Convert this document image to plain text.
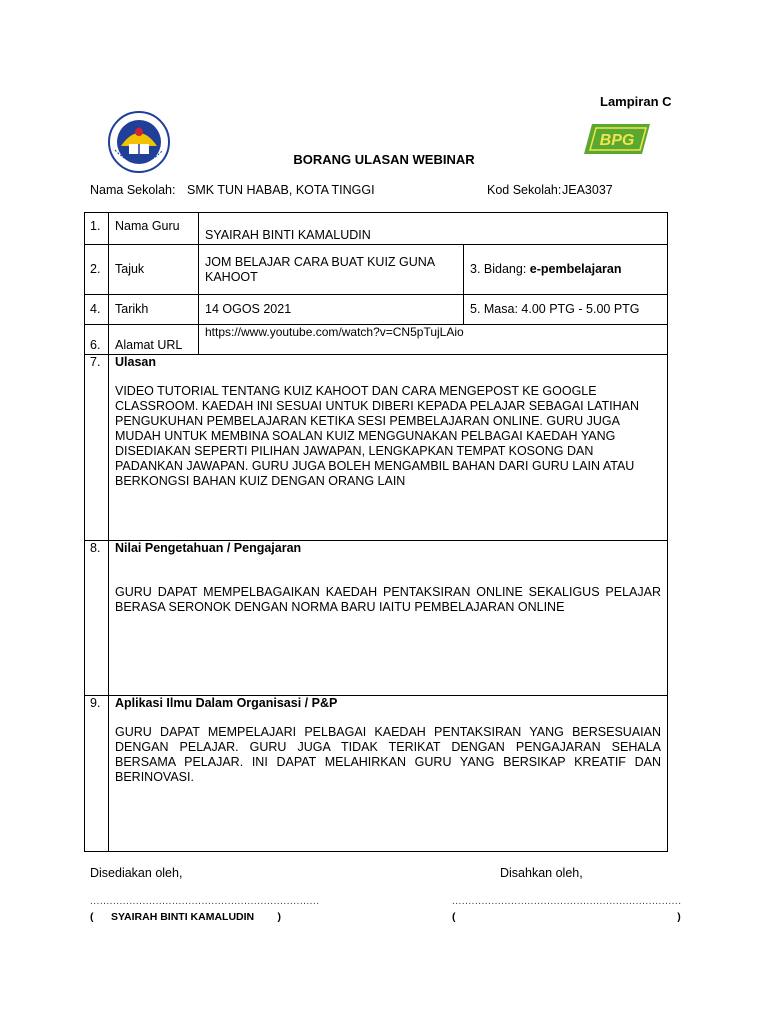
Lampiran C
BPG
BORANG ULASAN WEBINAR
Nama Sekolah: SMK TUN HABAB, KOTA TINGGI	Kod Sekolah: JEA3037
1.	Nama Guru	SYAIRAH BINTI KAMALUDIN	
2.	Tajuk	JOM BELAJAR CARA BUAT KUIZ GUNA KAHOOT	3. Bidang: e-pembelajaran
4.	Tarikh	14 OGOS 2021	5. Masa: 4.00 PTG - 5.00 PTG
6.	Alamat URL	https://www.youtube.com/watch?v=CN5pTujLAio	
7.	Ulasan
VIDEO TUTORIAL TENTANG KUIZ KAHOOT DAN CARA MENGEPOST KE GOOGLE CLASSROOM. KAEDAH INI SESUAI UNTUK DIBERI KEPADA PELAJAR SEBAGAI LATIHAN PENGUKUHAN PEMBELAJARAN KETIKA SESI PEMBELAJARAN ONLINE. GURU JUGA MUDAH UNTUK MEMBINA SOALAN KUIZ MENGGUNAKAN PELBAGAI KAEDAH YANG DISEDIAKAN SEPERTI PILIHAN JAWAPAN, LENGKAPKAN TEMPAT KOSONG DAN PADANKAN JAWAPAN. GURU JUGA BOLEH MENGAMBIL BAHAN DARI GURU LAIN ATAU BERKONGSI BAHAN KUIZ DENGAN ORANG LAIN		

8.	Nilai Pengetahuan / Pengajaran
GURU DAPAT MEMPELBAGAIKAN KAEDAH PENTAKSIRAN ONLINE SEKALIGUS PELAJAR BERASA SERONOK DENGAN NORMA BARU IAITU PEMBELAJARAN ONLINE		

9.	Aplikasi Ilmu Dalam Organisasi / P&P
GURU DAPAT MEMPELAJARI PELBAGAI KAEDAH PENTAKSIRAN YANG BERSESUAIAN DENGAN PELAJAR. GURU JUGA TIDAK TERIKAT DENGAN PENGAJARAN SEHALA BERSAMA PELAJAR. INI DAPAT MELAHIRKAN GURU YANG BERSIKAP KREATIF DAN BERINOVASI.		
Disediakan oleh,	Disahkan oleh,
......................................................................	......................................................................
(      SYAIRAH BINTI KAMALUDIN        )	(                                                                            )
